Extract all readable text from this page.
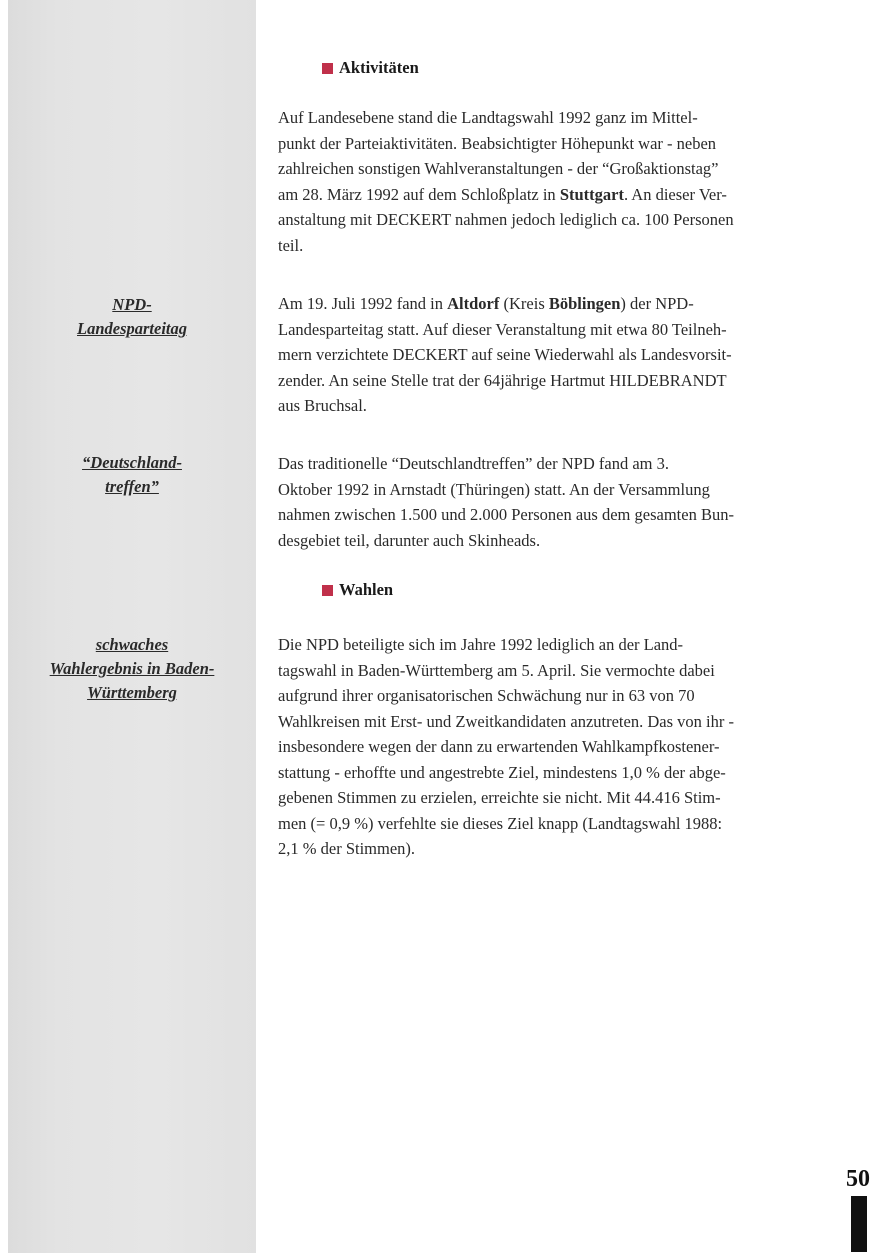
NPD-
Landesparteitag
“Deutschland-
treffen”
schwaches
Wahlergebnis in Baden-
Württemberg
Aktivitäten
Auf Landesebene stand die Landtagswahl 1992 ganz im Mittel-
punkt der Parteiaktivitäten. Beabsichtigter Höhepunkt war - neben
zahlreichen sonstigen Wahlveranstaltungen - der “Großaktionstag”
am 28. März 1992 auf dem Schloßplatz in Stuttgart. An dieser Ver-
anstaltung mit DECKERT nahmen jedoch lediglich ca. 100 Personen
teil.
Am 19. Juli 1992 fand in Altdorf (Kreis Böblingen) der NPD-
Landesparteitag statt. Auf dieser Veranstaltung mit etwa 80 Teilneh-
mern verzichtete DECKERT auf seine Wiederwahl als Landesvorsit-
zender. An seine Stelle trat der 64jährige Hartmut HILDEBRANDT
aus Bruchsal.
Das traditionelle “Deutschlandtreffen” der NPD fand am 3.
Oktober 1992 in Arnstadt (Thüringen) statt. An der Versammlung
nahmen zwischen 1.500 und 2.000 Personen aus dem gesamten Bun-
desgebiet teil, darunter auch Skinheads.
Wahlen
Die NPD beteiligte sich im Jahre 1992 lediglich an der Land-
tagswahl in Baden-Württemberg am 5. April. Sie vermochte dabei
aufgrund ihrer organisatorischen Schwächung nur in 63 von 70
Wahlkreisen mit Erst- und Zweitkandidaten anzutreten. Das von ihr -
insbesondere wegen der dann zu erwartenden Wahlkampfkostener-
stattung - erhoffte und angestrebte Ziel, mindestens 1,0 % der abge-
gebenen Stimmen zu erzielen, erreichte sie nicht. Mit 44.416 Stim-
men (= 0,9 %) verfehlte sie dieses Ziel knapp (Landtagswahl 1988:
2,1 % der Stimmen).
50
